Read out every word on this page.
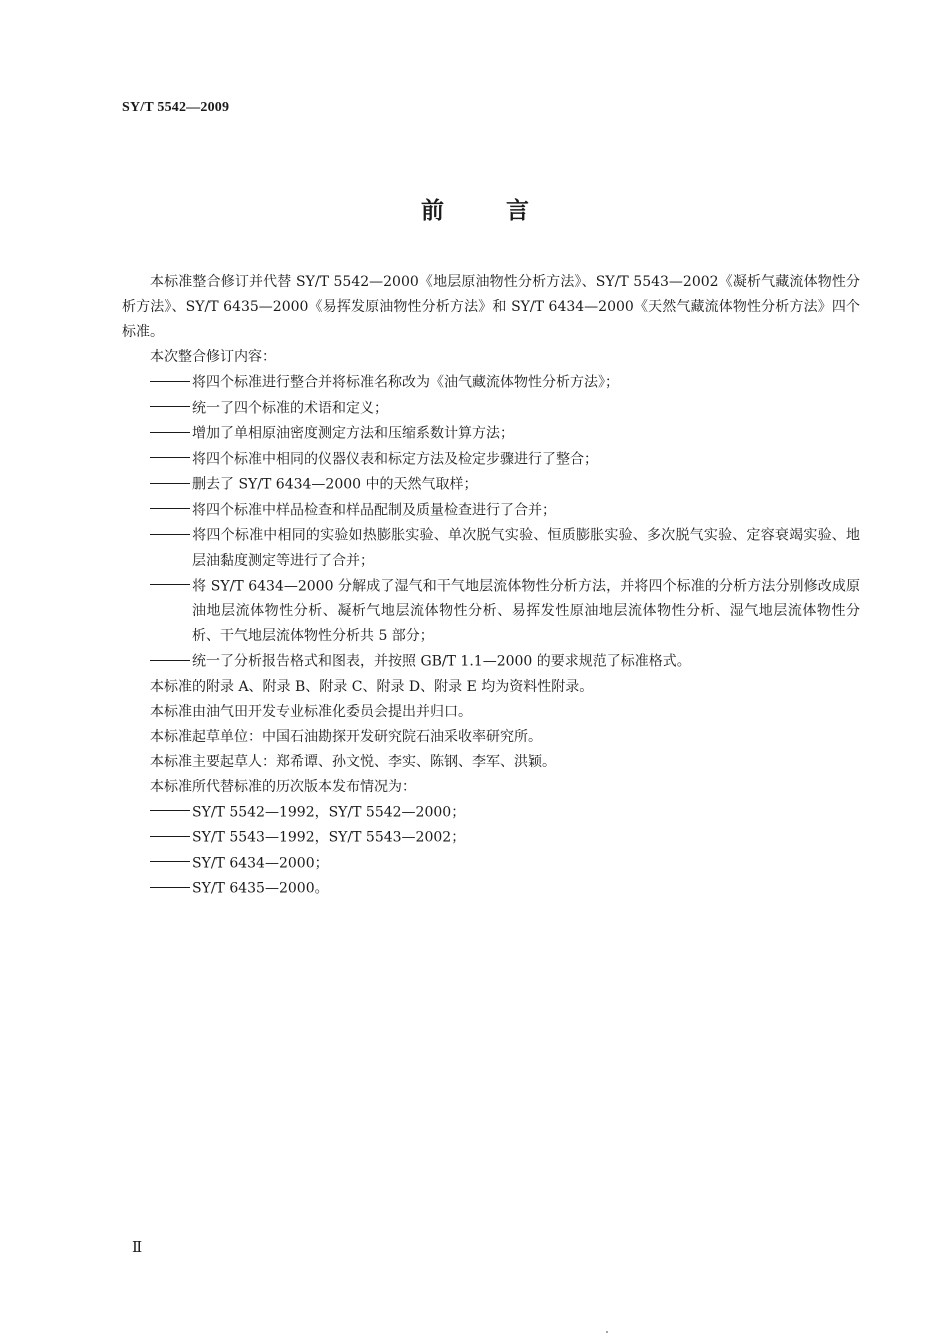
SY/T 5542—2009
前言

本标准整合修订并代替 SY/T 5542—2000《地层原油物性分析方法》、SY/T 5543—2002《凝析气藏流体物性分析方法》、SY/T 6435—2000《易挥发原油物性分析方法》和 SY/T 6434—2000《天然气藏流体物性分析方法》四个标准。

本次整合修订内容：

将四个标准进行整合并将标准名称改为《油气藏流体物性分析方法》；

统一了四个标准的术语和定义；

增加了单相原油密度测定方法和压缩系数计算方法；

将四个标准中相同的仪器仪表和标定方法及检定步骤进行了整合；

删去了 SY/T 6434—2000 中的天然气取样；

将四个标准中样品检查和样品配制及质量检查进行了合并；

将四个标准中相同的实验如热膨胀实验、单次脱气实验、恒质膨胀实验、多次脱气实验、定容衰竭实验、地层油黏度测定等进行了合并；

将 SY/T 6434—2000 分解成了湿气和干气地层流体物性分析方法，并将四个标准的分析方法分别修改成原油地层流体物性分析、凝析气地层流体物性分析、易挥发性原油地层流体物性分析、湿气地层流体物性分析、干气地层流体物性分析共 5 部分；

统一了分析报告格式和图表，并按照 GB/T 1.1—2000 的要求规范了标准格式。

本标准的附录 A、附录 B、附录 C、附录 D、附录 E 均为资料性附录。

本标准由油气田开发专业标准化委员会提出并归口。

本标准起草单位：中国石油勘探开发研究院石油采收率研究所。

本标准主要起草人：郑希谭、孙文悦、李实、陈钢、李军、洪颖。

本标准所代替标准的历次版本发布情况为：

SY/T 5542—1992，SY/T 5542—2000；

SY/T 5543—1992，SY/T 5543—2002；

SY/T 6434—2000；

SY/T 6435—2000。

Ⅱ
